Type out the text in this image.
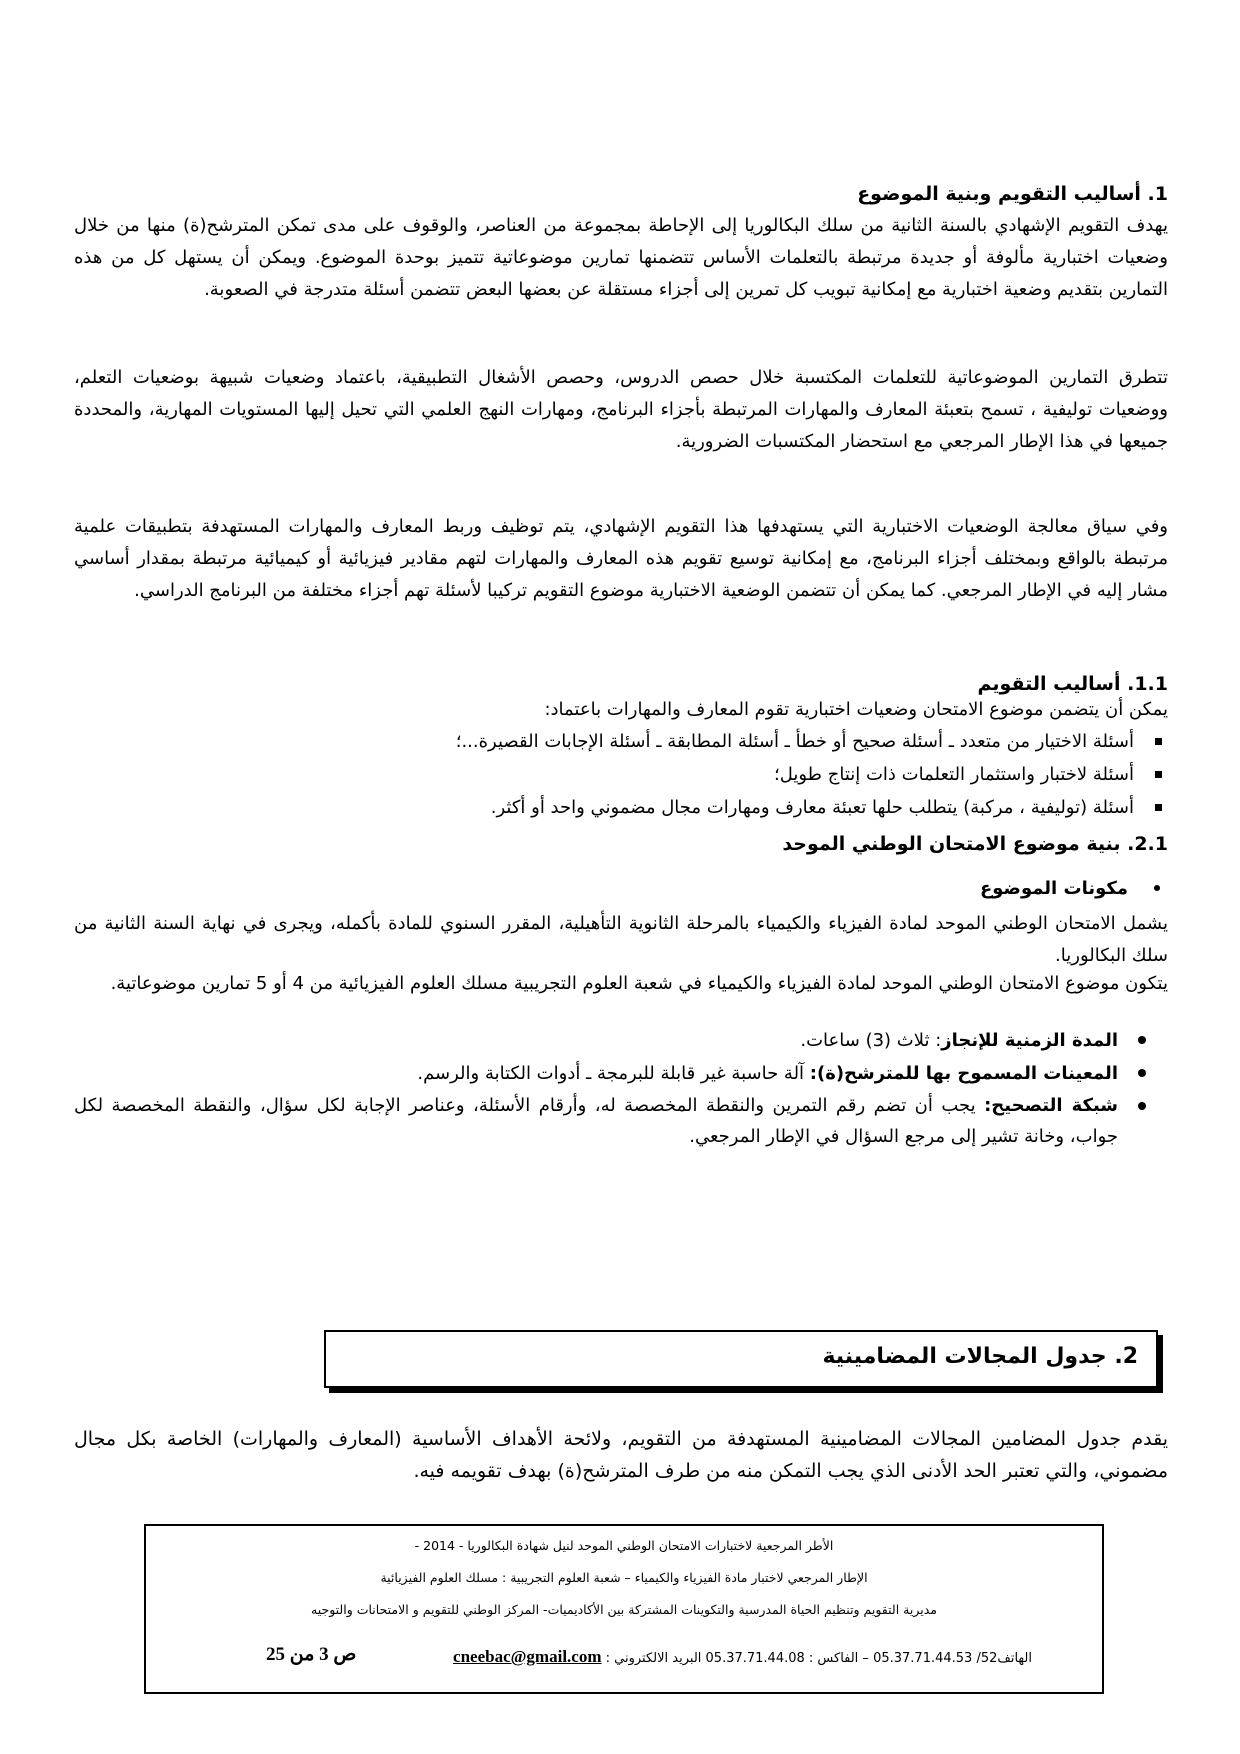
1. أساليب التقويم وبنية الموضوع

يهدف التقويم الإشهادي بالسنة الثانية من سلك البكالوريا إلى الإحاطة بمجموعة من العناصر، والوقوف على مدى تمكن المترشح(ة) منها من خلال وضعيات اختبارية مألوفة أو جديدة مرتبطة بالتعلمات الأساس تتضمنها تمارين موضوعاتية تتميز بوحدة الموضوع. ويمكن أن يستهل كل من هذه التمارين بتقديم وضعية اختبارية مع إمكانية تبويب كل تمرين إلى أجزاء مستقلة عن بعضها البعض تتضمن أسئلة متدرجة في الصعوبة.

تتطرق التمارين الموضوعاتية للتعلمات المكتسبة خلال حصص الدروس، وحصص الأشغال التطبيقية، باعتماد وضعيات شبيهة بوضعيات التعلم، ووضعيات توليفية ، تسمح بتعبئة المعارف والمهارات المرتبطة بأجزاء البرنامج، ومهارات النهج العلمي التي تحيل إليها المستويات المهارية، والمحددة جميعها في هذا الإطار المرجعي مع استحضار المكتسبات الضرورية.

وفي سياق معالجة الوضعيات الاختبارية التي يستهدفها هذا التقويم الإشهادي، يتم توظيف وربط المعارف والمهارات المستهدفة بتطبيقات علمية مرتبطة بالواقع وبمختلف أجزاء البرنامج، مع إمكانية توسيع تقويم هذه المعارف والمهارات لتهم مقادير فيزيائية أو كيميائية مرتبطة بمقدار أساسي مشار إليه في الإطار المرجعي. كما يمكن أن تتضمن الوضعية الاختبارية موضوع التقويم تركيبا لأسئلة تهم أجزاء مختلفة من البرنامج الدراسي.

1.1. أساليب التقويم

يمكن أن يتضمن موضوع الامتحان وضعيات اختبارية تقوم المعارف والمهارات باعتماد:

أسئلة الاختيار من متعدد ـ أسئلة صحيح أو خطأ ـ أسئلة المطابقة ـ أسئلة الإجابات القصيرة...؛
أسئلة لاختبار واستثمار التعلمات ذات إنتاج طويل؛
أسئلة (توليفية ، مركبة) يتطلب حلها تعبئة معارف ومهارات مجال مضموني واحد أو أكثر.
2.1. بنية موضوع الامتحان الوطني الموحد
مكونات الموضوع

يشمل الامتحان الوطني الموحد لمادة الفيزياء والكيمياء بالمرحلة الثانوية التأهيلية، المقرر السنوي للمادة بأكمله، ويجرى في نهاية السنة الثانية من سلك البكالوريا.

يتكون موضوع الامتحان الوطني الموحد لمادة الفيزياء والكيمياء في شعبة العلوم التجريبية مسلك العلوم الفيزيائية من 4 أو 5 تمارين موضوعاتية.

المدة الزمنية للإنجاز: ثلاث (3) ساعات.
المعينات المسموح بها للمترشح(ة): آلة حاسبة غير قابلة للبرمجة ـ أدوات الكتابة والرسم.
شبكة التصحيح: يجب أن تضم رقم التمرين والنقطة المخصصة له، وأرقام الأسئلة، وعناصر الإجابة لكل سؤال، والنقطة المخصصة لكل جواب، وخانة تشير إلى مرجع السؤال في الإطار المرجعي.
2. جدول المجالات المضامينية

يقدم جدول المضامين المجالات المضامينية المستهدفة من التقويم، ولائحة الأهداف الأساسية (المعارف والمهارات) الخاصة بكل مجال مضموني، والتي تعتبر الحد الأدنى الذي يجب التمكن منه من طرف المترشح(ة) بهدف تقويمه فيه.

الأطر المرجعية لاختبارات الامتحان الوطني الموحد لنيل شهادة البكالوريا - 2014 -
الإطار المرجعي لاختبار مادة الفيزياء والكيمياء – شعبة العلوم التجريبية : مسلك العلوم الفيزيائية
مديرية التقويم وتنظيم الحياة المدرسية والتكوينات المشتركة بين الأكاديميات- المركز الوطني للتقويم و الامتحانات والتوجيه
الهاتف52/ 05.37.71.44.53 – الفاكس : 05.37.71.44.08 البريد الالكتروني : cneebac@gmail.com
ص 3 من 25
